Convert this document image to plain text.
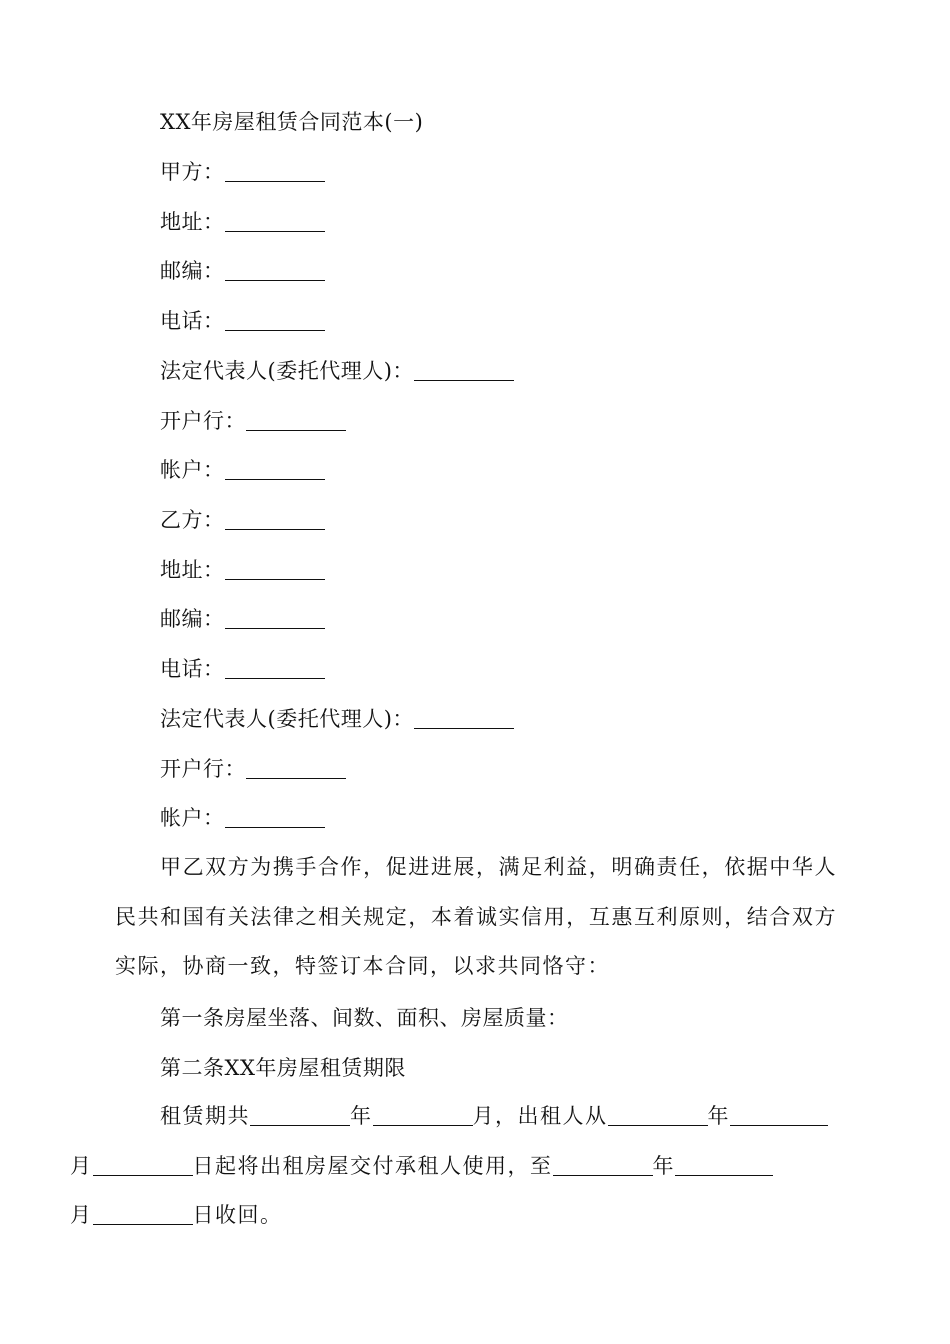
XX年房屋租赁合同范本(一)
甲方：
地址：
邮编：
电话：
法定代表人(委托代理人)：
开户行：
帐户：
乙方：
地址：
邮编：
电话：
法定代表人(委托代理人)：
开户行：
帐户：

甲乙双方为携手合作，促进进展，满足利益，明确责任，依据中华人民共和国有关法律之相关规定，本着诚实信用，互惠互利原则，结合双方实际，协商一致，特签订本合同，以求共同恪守：

第一条房屋坐落、间数、面积、房屋质量：
第二条XX年房屋租赁期限

租赁期共	年	月，出租人从	年
月	日起将出租房屋交付承租人使用，至	年
月	日收回。
